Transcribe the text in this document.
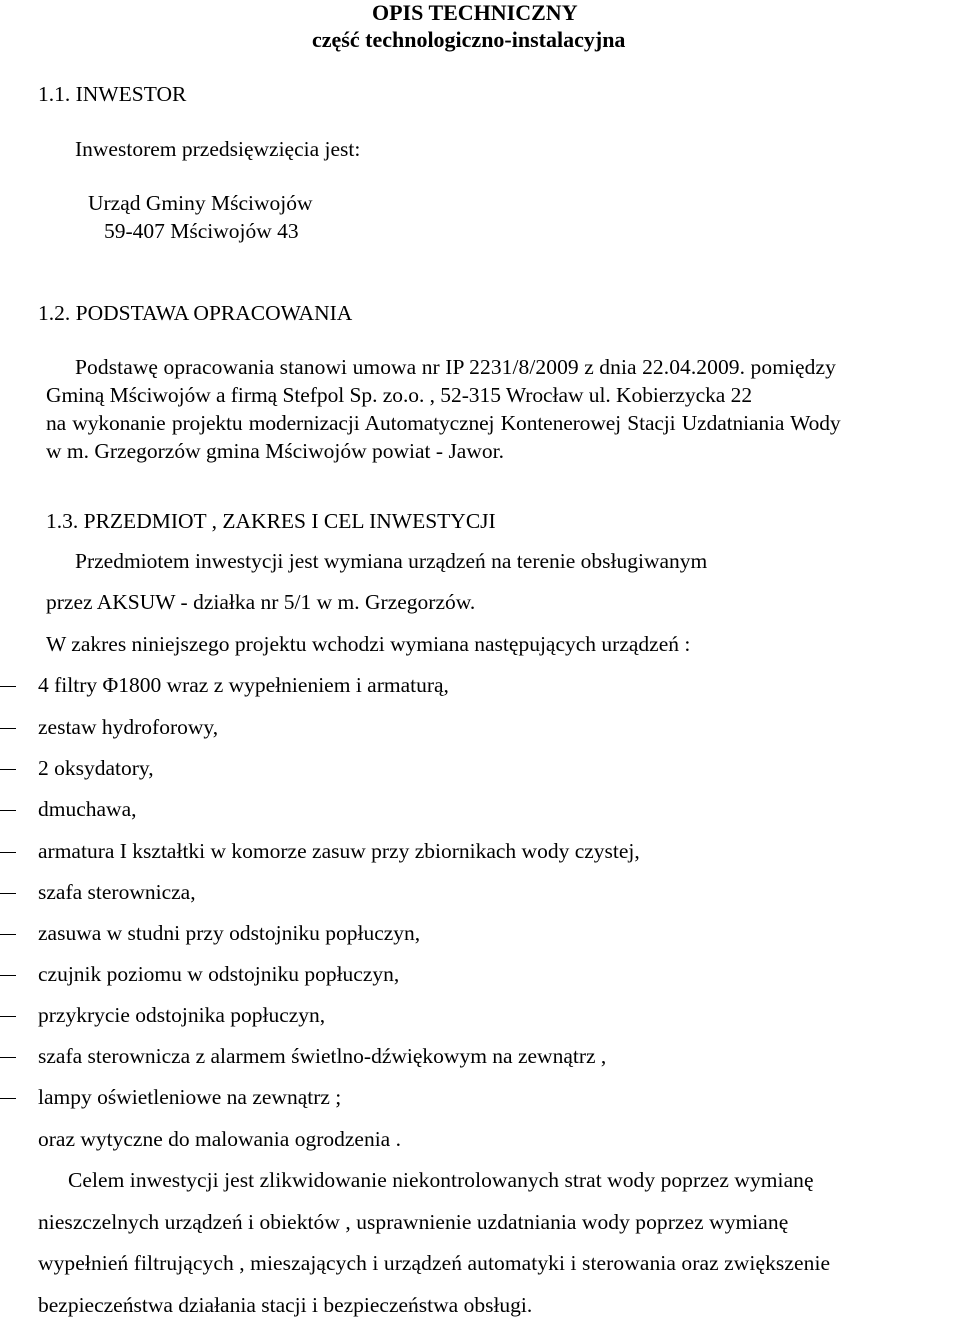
OPIS TECHNICZNY
część technologiczno-instalacyjna
1.1. INWESTOR
Inwestorem przedsięwzięcia jest:
Urząd Gminy Mściwojów
59-407 Mściwojów 43
1.2. PODSTAWA OPRACOWANIA
Podstawę opracowania stanowi umowa nr IP 2231/8/2009 z dnia 22.04.2009. pomiędzy
Gminą Mściwojów a firmą Stefpol Sp. zo.o. , 52-315 Wrocław ul. Kobierzycka 22
na wykonanie projektu modernizacji Automatycznej Kontenerowej Stacji Uzdatniania Wody
w m. Grzegorzów gmina Mściwojów powiat - Jawor.
1.3. PRZEDMIOT , ZAKRES I CEL INWESTYCJI
Przedmiotem inwestycji jest wymiana urządzeń na terenie obsługiwanym
przez AKSUW - działka nr 5/1 w m. Grzegorzów.
W zakres niniejszego projektu wchodzi wymiana następujących urządzeń :
4 filtry Φ1800 wraz z wypełnieniem i armaturą,
zestaw hydroforowy,
2 oksydatory,
dmuchawa,
armatura I kształtki w komorze zasuw przy zbiornikach wody czystej,
szafa sterownicza,
zasuwa w studni przy odstojniku popłuczyn,
czujnik poziomu w odstojniku popłuczyn,
przykrycie odstojnika popłuczyn,
szafa sterownicza z alarmem świetlno-dźwiękowym na zewnątrz ,
lampy oświetleniowe na zewnątrz ;
oraz wytyczne do malowania ogrodzenia .
Celem inwestycji jest zlikwidowanie niekontrolowanych strat wody poprzez wymianę
nieszczelnych urządzeń i obiektów , usprawnienie uzdatniania wody poprzez wymianę
wypełnień filtrujących , mieszających i urządzeń automatyki i sterowania oraz zwiększenie
bezpieczeństwa działania stacji i bezpieczeństwa obsługi.
